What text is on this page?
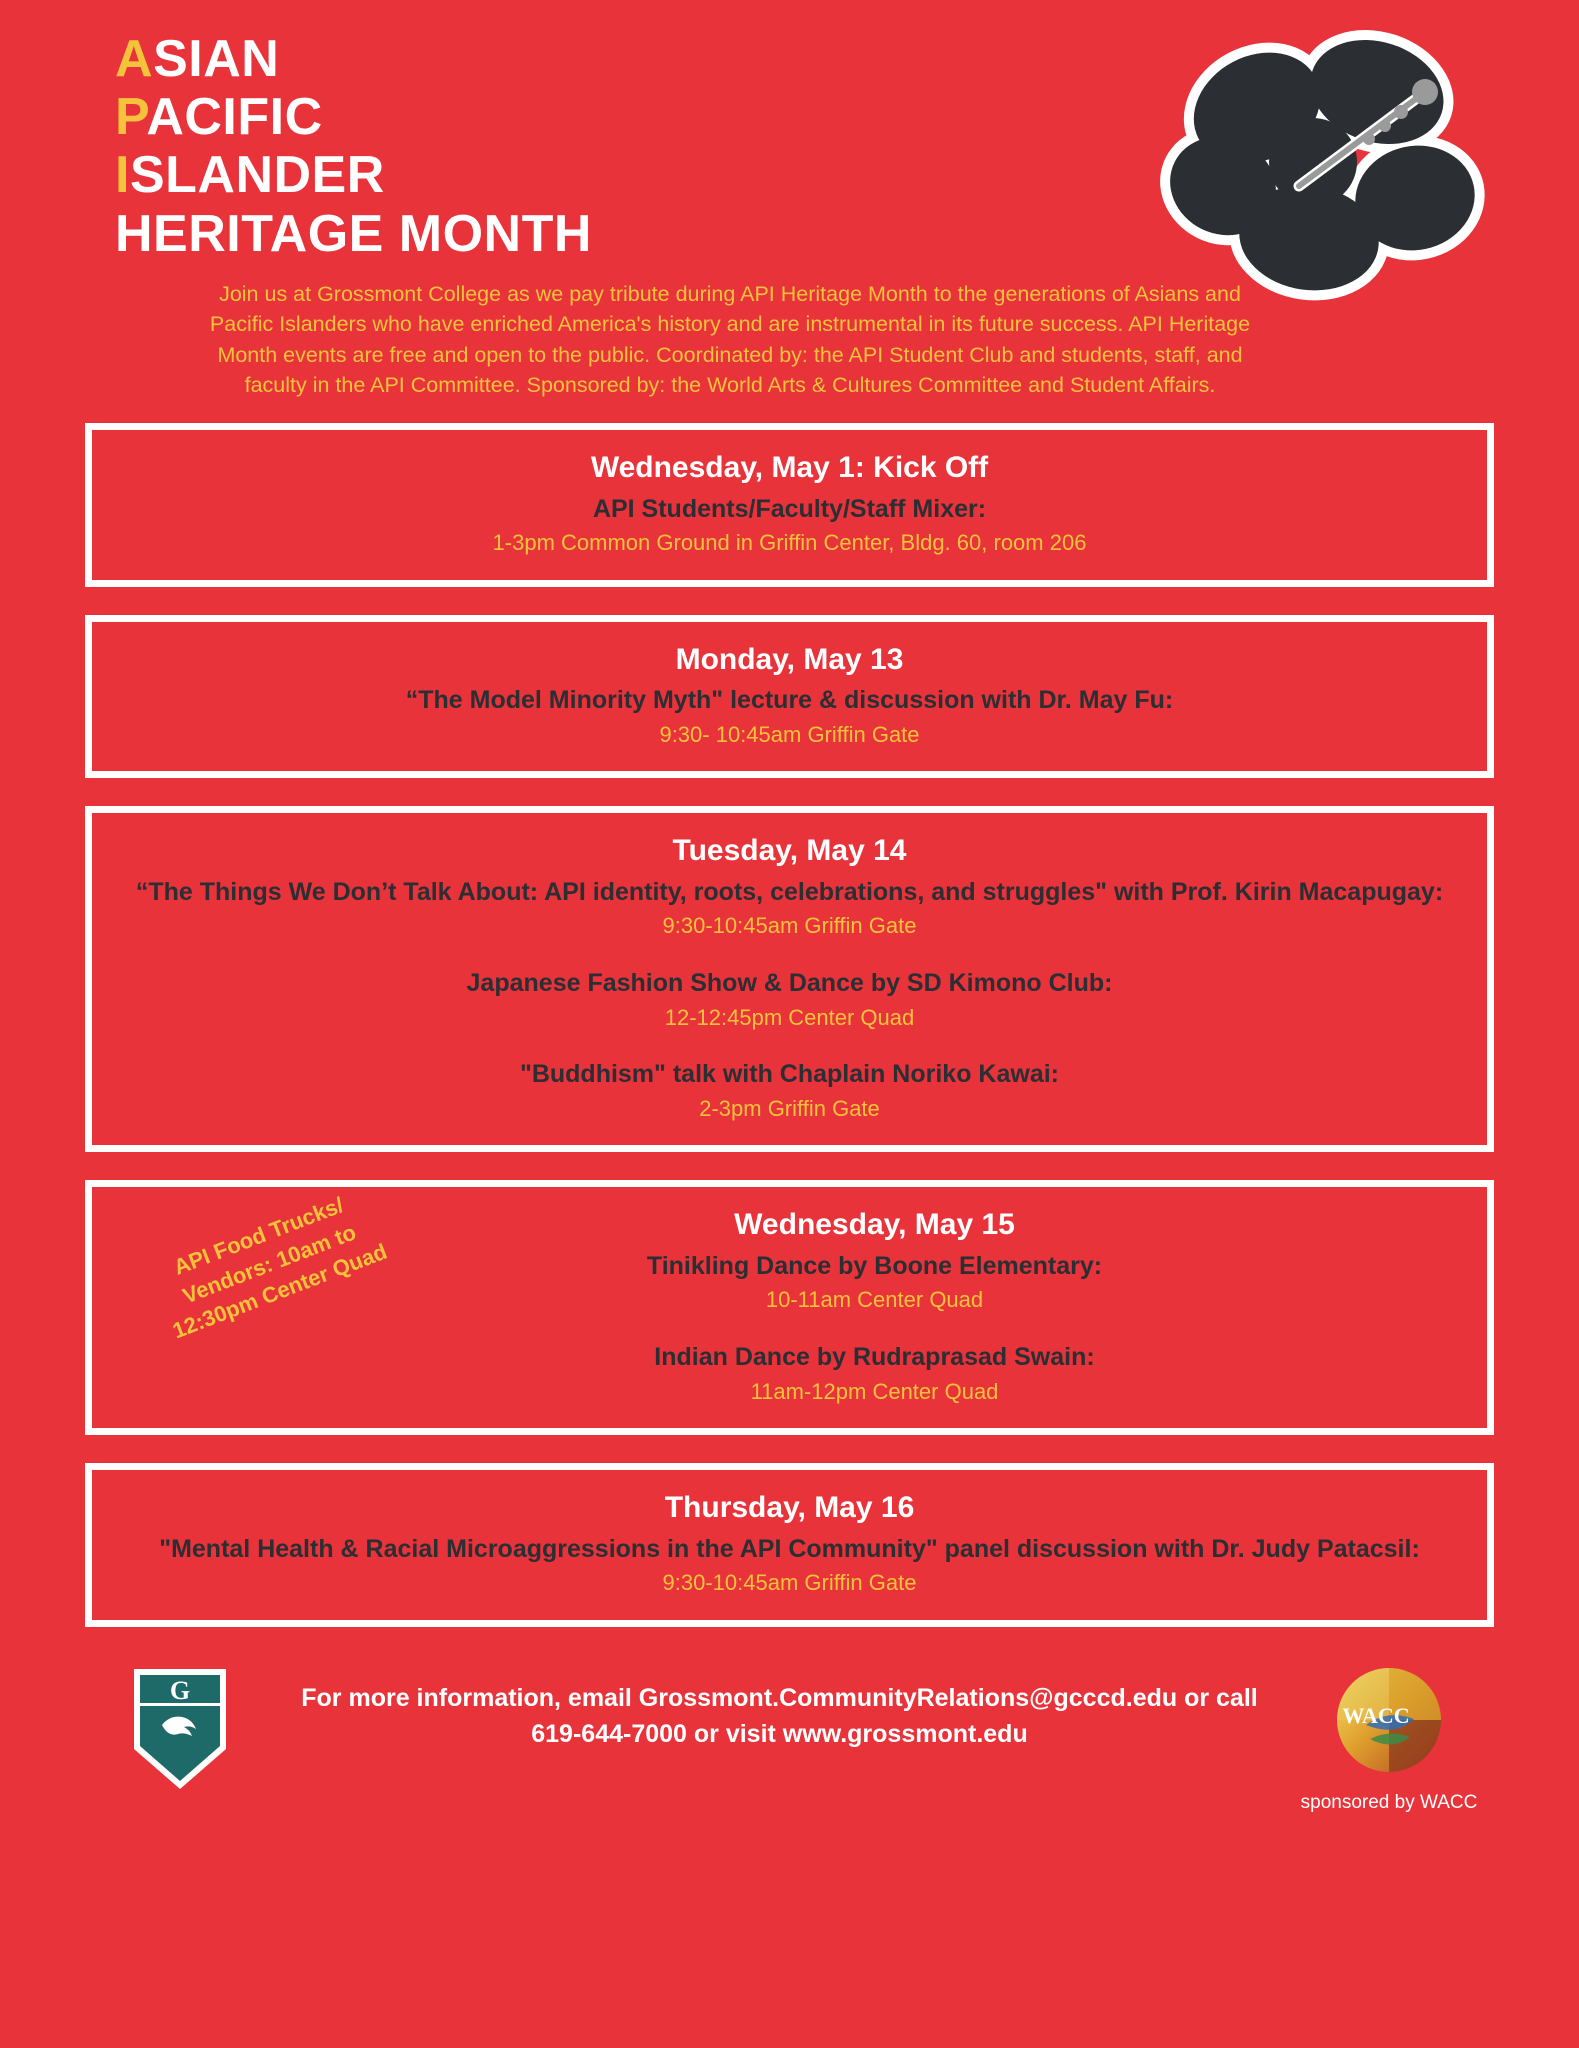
ASIAN
PACIFIC
ISLANDER
HERITAGE MONTH
Join us at Grossmont College as we pay tribute during API Heritage Month to the generations of Asians and Pacific Islanders who have enriched America's history and are instrumental in its future success. API Heritage Month events are free and open to the public. Coordinated by: the API Student Club and students, staff, and faculty in the API Committee. Sponsored by: the World Arts & Cultures Committee and Student Affairs.
Wednesday, May 1: Kick Off
API Students/Faculty/Staff Mixer:
1-3pm Common Ground in Griffin Center, Bldg. 60, room 206
Monday, May 13
“The Model Minority Myth" lecture & discussion with Dr. May Fu:
9:30- 10:45am Griffin Gate
Tuesday, May 14
“The Things We Don’t Talk About: API identity, roots, celebrations, and struggles" with Prof. Kirin Macapugay:
9:30-10:45am Griffin Gate
Japanese Fashion Show & Dance by SD Kimono Club:
12-12:45pm Center Quad
"Buddhism" talk with Chaplain Noriko Kawai:
2-3pm Griffin Gate
API Food Trucks/ Vendors: 10am to 12:30pm Center Quad
Wednesday, May 15
Tinikling Dance by Boone Elementary:
10-11am Center Quad
Indian Dance by Rudraprasad Swain:
11am-12pm Center Quad
Thursday, May 16
"Mental Health & Racial Microaggressions in the API Community" panel discussion with Dr. Judy Patacsil:
9:30-10:45am Griffin Gate
G	For more information, email Grossmont.CommunityRelations@gcccd.edu or call 619-644-7000 or visit www.grossmont.edu
WACC
sponsored by WACC
